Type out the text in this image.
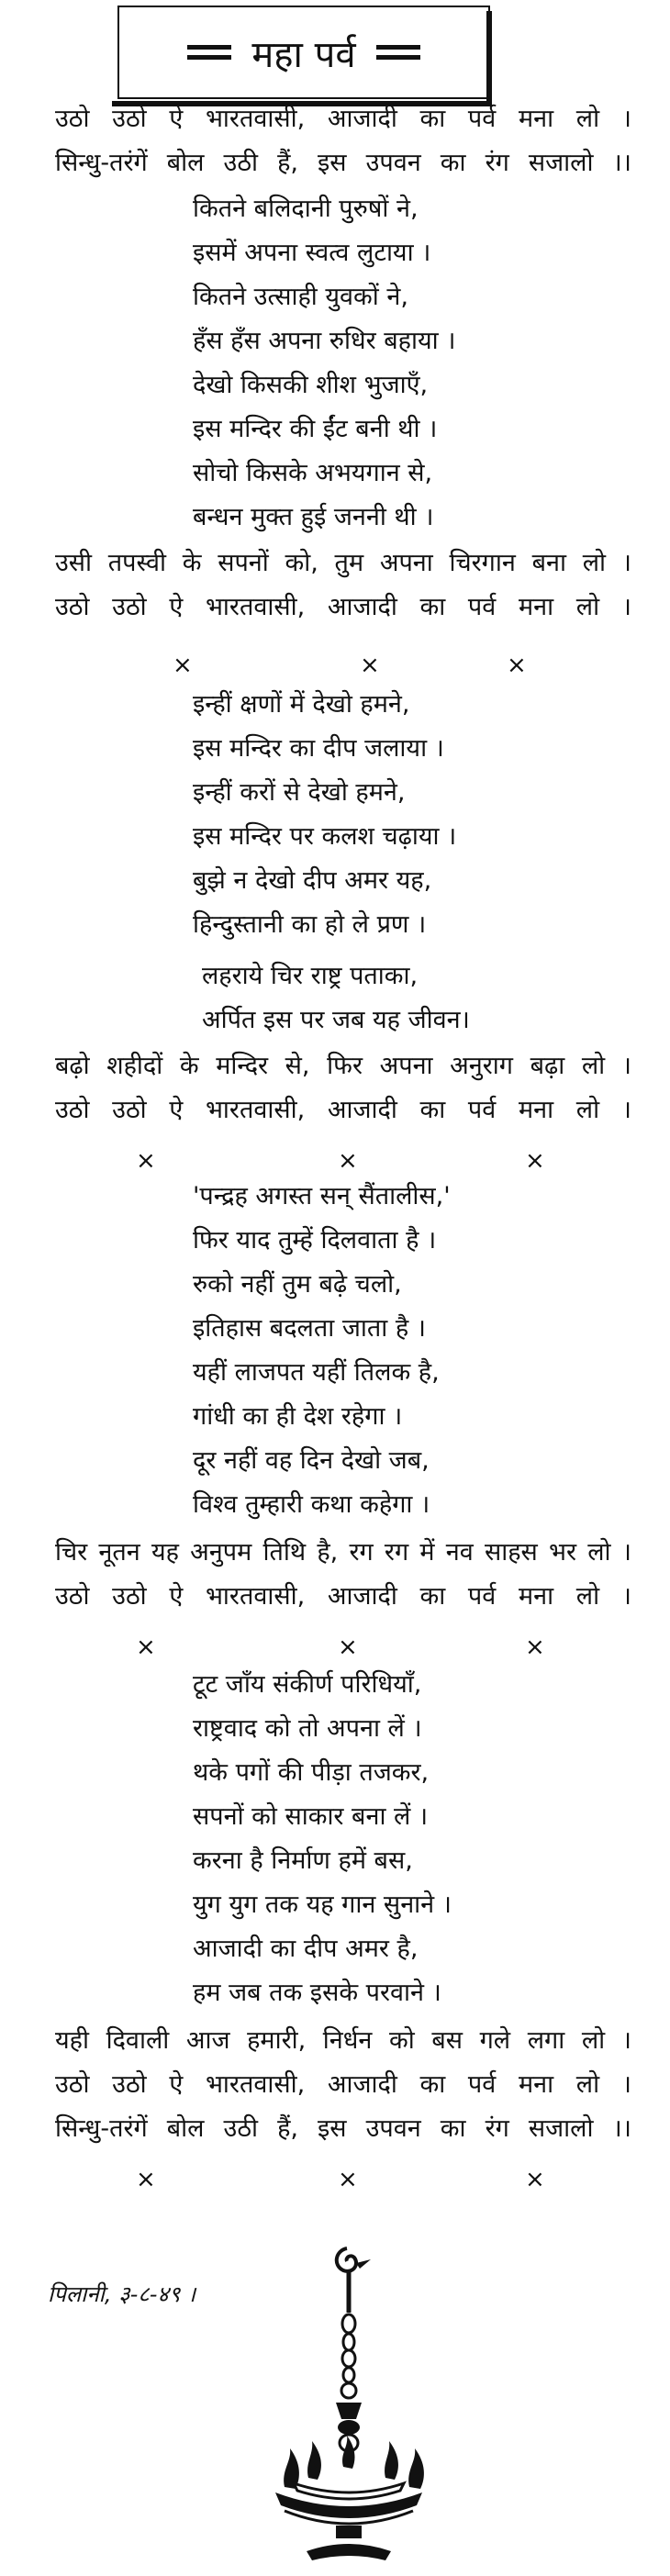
महा पर्व
उठो उठो ऐ भारतवासी, आजादी का पर्व मना लो ।
सिन्धु-तरंगें बोल उठी हैं, इस उपवन का रंग सजालो ।।
कितने बलिदानी पुरुषों ने,
इसमें अपना स्वत्व लुटाया ।
कितने उत्साही युवकों ने,
हँस हँस अपना रुधिर बहाया ।
देखो किसकी शीश भुजाएँ,
इस मन्दिर की ईंट बनी थी ।
सोचो किसके अभयगान से,
बन्धन मुक्त हुई जननी थी ।
उसी तपस्वी के सपनों को, तुम अपना चिरगान बना लो ।
उठो उठो ऐ भारतवासी, आजादी का पर्व मना लो ।
×	×	×
इन्हीं क्षणों में देखो हमने,
इस मन्दिर का दीप जलाया ।
इन्हीं करों से देखो हमने,
इस मन्दिर पर कलश चढ़ाया ।
बुझे न देखो दीप अमर यह,
हिन्दुस्तानी का हो ले प्रण ।
लहराये चिर राष्ट्र पताका,
अर्पित इस पर जब यह जीवन।
बढ़ो शहीदों के मन्दिर से, फिर अपना अनुराग बढ़ा लो ।
उठो उठो ऐ भारतवासी, आजादी का पर्व मना लो ।
×	×	×
'पन्द्रह अगस्त सन् सैंतालीस,'
फिर याद तुम्हें दिलवाता है ।
रुको नहीं तुम बढ़े चलो,
इतिहास बदलता जाता है ।
यहीं लाजपत यहीं तिलक है,
गांधी का ही देश रहेगा ।
दूर नहीं वह दिन देखो जब,
विश्व तुम्हारी कथा कहेगा ।
चिर नूतन यह अनुपम तिथि है, रग रग में नव साहस भर लो ।
उठो उठो ऐ भारतवासी, आजादी का पर्व मना लो ।
×	×	×
टूट जाँय संकीर्ण परिधियाँ,
राष्ट्रवाद को तो अपना लें ।
थके पगों की पीड़ा तजकर,
सपनों को साकार बना लें ।
करना है निर्माण हमें बस,
युग युग तक यह गान सुनाने ।
आजादी का दीप अमर है,
हम जब तक इसके परवाने ।
यही दिवाली आज हमारी, निर्धन को बस गले लगा लो ।
उठो उठो ऐ भारतवासी, आजादी का पर्व मना लो ।
सिन्धु-तरंगें बोल उठी हैं, इस उपवन का रंग सजालो ।।
×	×	×
पिलानी, ३-८-४९ ।
